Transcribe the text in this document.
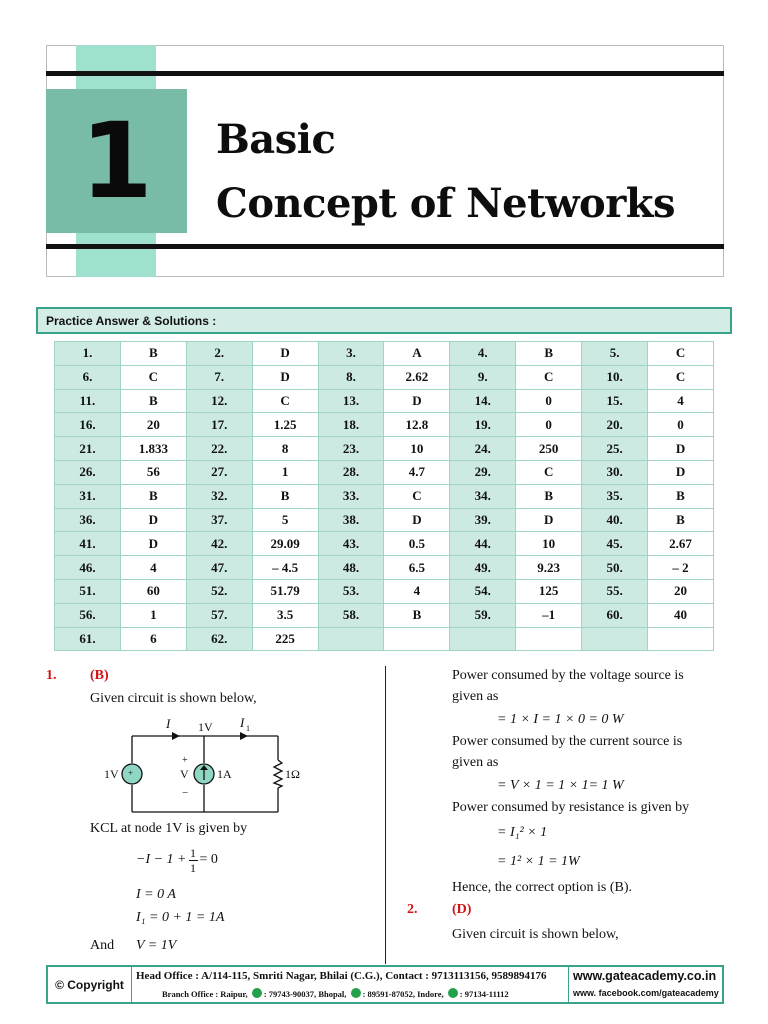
1 Basic
Concept of Networks
Practice Answer & Solutions :
1.	B	2.	D	3.	A	4.	B	5.	C
6.	C	7.	D	8.	2.62	9.	C	10.	C
11.	B	12.	C	13.	D	14.	0	15.	4
16.	20	17.	1.25	18.	12.8	19.	0	20.	0
21.	1.833	22.	8	23.	10	24.	250	25.	D
26.	56	27.	1	28.	4.7	29.	C	30.	D
31.	B	32.	B	33.	C	34.	B	35.	B
36.	D	37.	5	38.	D	39.	D	40.	B
41.	D	42.	29.09	43.	0.5	44.	10	45.	2.67
46.	4	47.	– 4.5	48.	6.5	49.	9.23	50.	– 2
51.	60	52.	51.79	53.	4	54.	125	55.	20
56.	1	57.	3.5	58.	B	59.	–1	60.	40
61.	6	62.	225						
1. (B)
Given circuit is shown below,
I 1V I 1
1V +
+
V
−
1A	1Ω
KCL at node 1V is given by
$-I - 1 + \frac{1}{1} = 0$
I = 0 A
I₁ = 0 + 1 = 1A
And V = 1V
Power consumed by the voltage source is
given as
= 1 × I = 1 × 0 = 0 W
Power consumed by the current source is
given as
= V × 1 = 1 × 1= 1 W
Power consumed by resistance is given by
= I₁² × 1
= 1² × 1 = 1W
Hence, the correct option is (B).
2. (D)
Given circuit is shown below,
© Copyright
Head Office : A/114-115, Smriti Nagar, Bhilai (C.G.), Contact : 9713113156, 9589894176
Branch Office : Raipur, : 79743-90037, Bhopal, : 89591-87052, Indore, : 97134-11112
www.gateacademy.co.in
www. facebook.com/gateacademy
